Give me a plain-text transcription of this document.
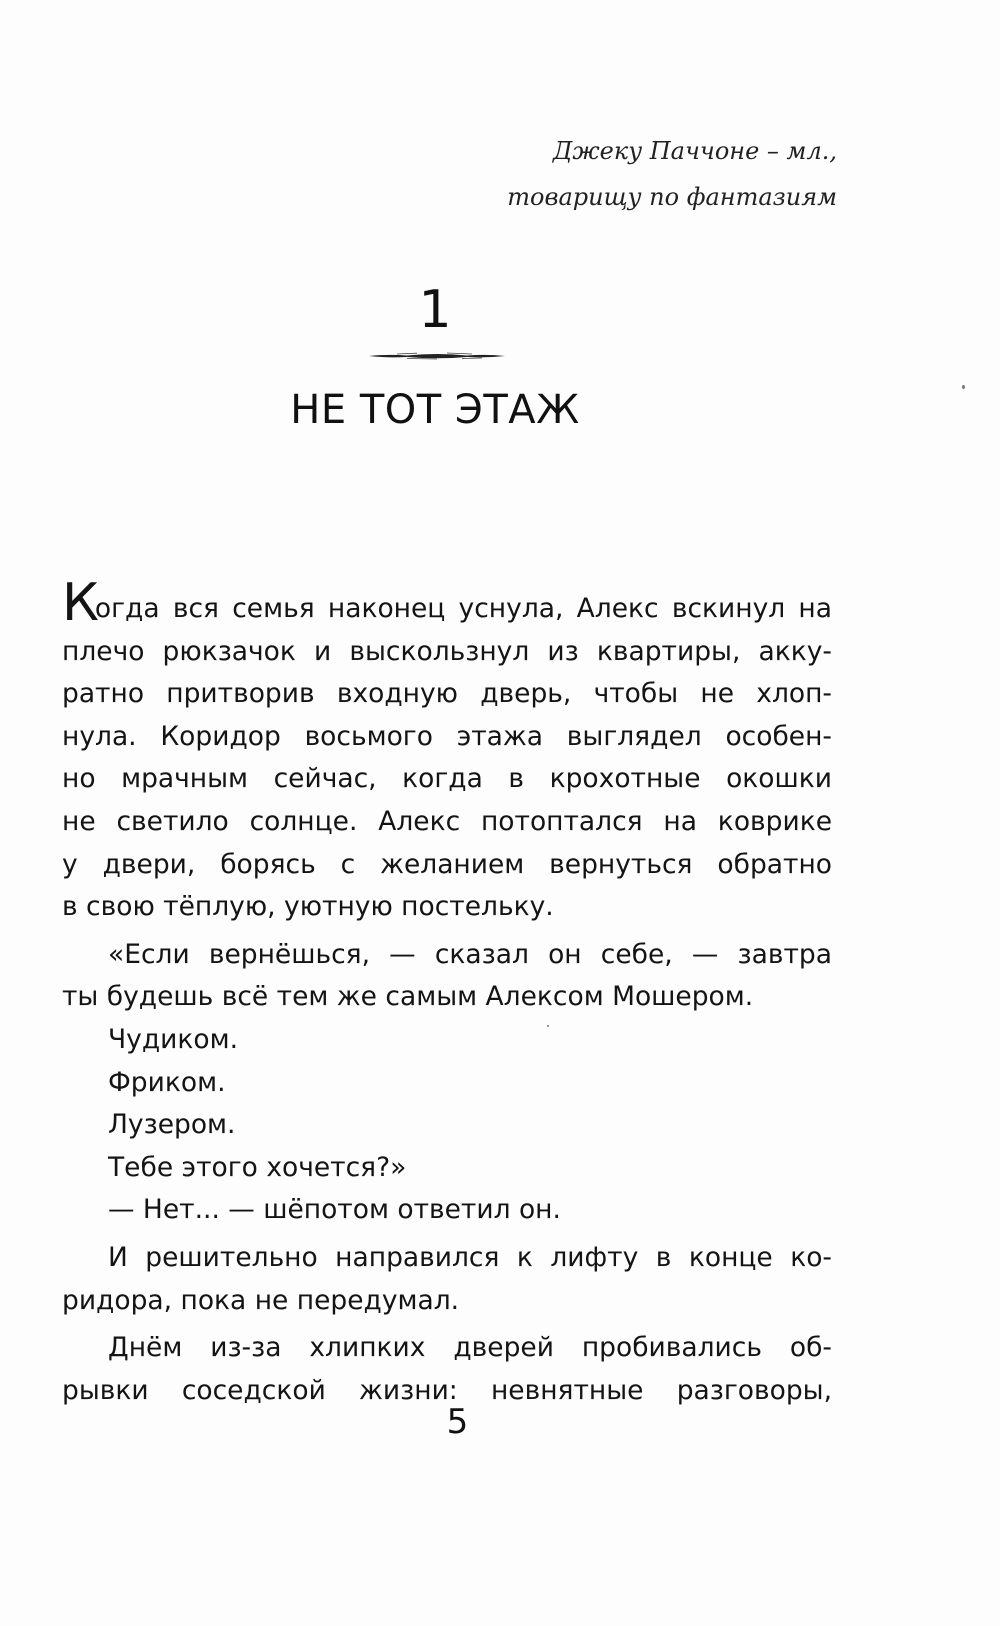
Джеку Паччоне – мл.,
товарищу по фантазиям
1
НЕ ТОТ ЭТАЖ
Когда вся семья наконец уснула, Алекс вскинул на
плечо рюкзачок и выскользнул из квартиры, акку-
ратно притворив входную дверь, чтобы не хлоп-
нула. Коридор восьмого этажа выглядел особен-
но мрачным сейчас, когда в крохотные окошки
не светило солнце. Алекс потоптался на коврике
у двери, борясь с желанием вернуться обратно
в свою тёплую, уютную постельку.
«Если вернёшься, — сказал он себе, — завтра
ты будешь всё тем же самым Алексом Мошером.
Чудиком.
Фриком.
Лузером.
Тебе этого хочется?»
— Нет... — шёпотом ответил он.
И решительно направился к лифту в конце ко-
ридора, пока не передумал.
Днём из-за хлипких дверей пробивались об-
рывки соседской жизни: невнятные разговоры,
5
